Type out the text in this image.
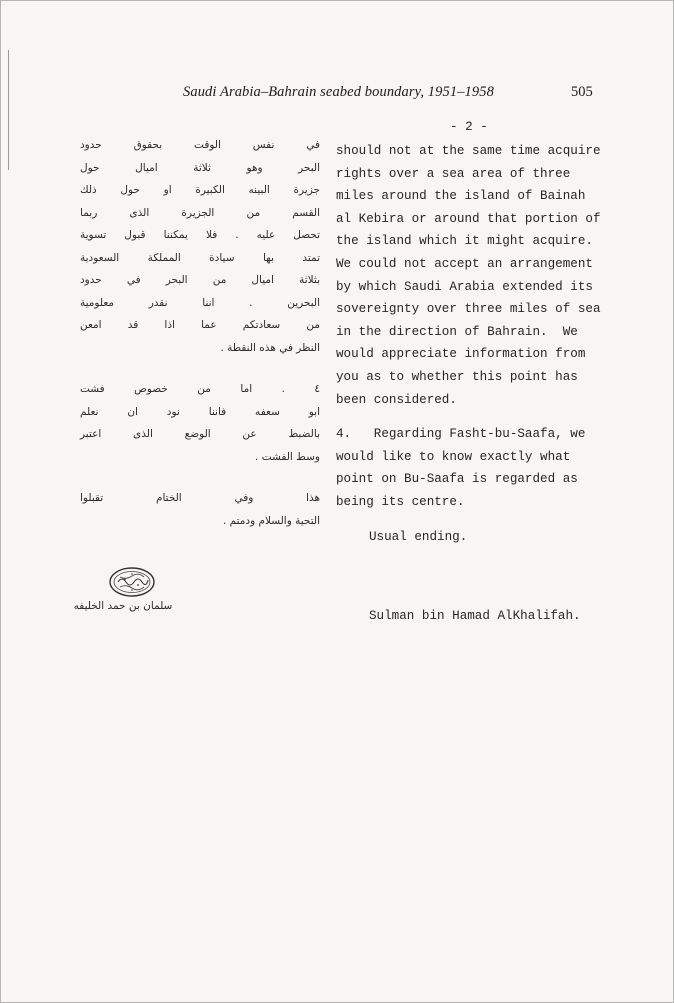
Saudi Arabia–Bahrain seabed boundary, 1951–1958	505
- 2 -

should not at the same time acquire

rights over a sea area of three

miles around the island of Bainah

al Kebira or around that portion of

the island which it might acquire.

We could not accept an arrangement

by which Saudi Arabia extended its

sovereignty over three miles of sea

in the direction of Bahrain.  We

would appreciate information from

you as to whether this point has

been considered.

4.   Regarding Fasht-bu-Saafa, we

would like to know exactly what

point on Bu-Saafa is regarded as

being its centre.

Usual ending.
Sulman bin Hamad AlKhalifah.
في نفس الوقت بحقوق حدود
البحر وهو ثلاثة اميال حول
جزيرة البينه الكبيرة او حول ذلك
القسم من الجزيرة الذى ربما
تحصل عليه . فلا يمكننا قبول تسوية
تمتد بها سيادة المملكة السعودية
بثلاثة اميال من البحر في حدود
البحرين . اننا نقدر معلومية
من سعادتكم عما اذا قد امعن
النظر في هذه النقطة .
٤ . اما من خصوص فشت
ابو سعفه فاننا نود ان نعلم
بالضبط عن الوضع الذى اعتبر
وسط الفشت .
هذا وفي الختام تقبلوا
التحية والسلام ودمتم .
سلمان بن حمد الخليفه
